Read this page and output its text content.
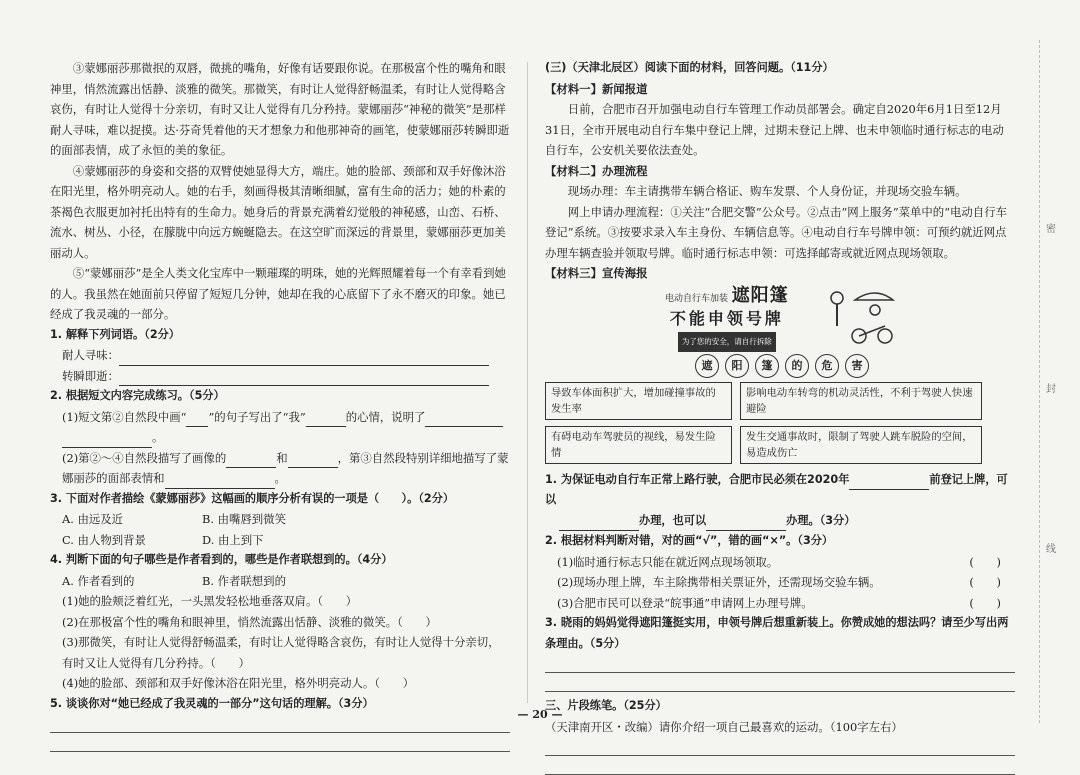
密
封
线

③蒙娜丽莎那微抿的双唇，微挑的嘴角，好像有话要跟你说。在那极富个性的嘴角和眼神里，悄然流露出恬静、淡雅的微笑。那微笑，有时让人觉得舒畅温柔，有时让人觉得略含哀伤，有时让人觉得十分亲切，有时又让人觉得有几分矜持。蒙娜丽莎“神秘的微笑”是那样耐人寻味，难以捉摸。达·芬奇凭着他的天才想象力和他那神奇的画笔，使蒙娜丽莎转瞬即逝的面部表情，成了永恒的美的象征。

④蒙娜丽莎的身姿和交搭的双臂使她显得大方，端庄。她的脸部、颈部和双手好像沐浴在阳光里，格外明亮动人。她的右手，刻画得极其清晰细腻，富有生命的活力；她的朴素的茶褐色衣服更加衬托出特有的生命力。她身后的背景充满着幻觉般的神秘感，山峦、石桥、流水、树丛、小径，在朦胧中向远方蜿蜒隐去。在这空旷而深远的背景里，蒙娜丽莎更加美丽动人。

⑤“蒙娜丽莎”是全人类文化宝库中一颗璀璨的明珠，她的光辉照耀着每一个有幸看到她的人。我虽然在她面前只停留了短短几分钟，她却在我的心底留下了永不磨灭的印象。她已经成了我灵魂的一部分。

1. 解释下列词语。（2分）

耐人寻味：

转瞬即逝：

2. 根据短文内容完成练习。（5分）

(1)短文第②自然段中画“ ”的句子写出了“我”	的心情，说明了
。

(2)第②～④自然段描写了画像的	和	，第③自然段特别详细地描写了蒙娜丽莎的面部表情和	。

3. 下面对作者描绘《蒙娜丽莎》这幅画的顺序分析有误的一项是（　　）。（2分）

A. 由远及近	B. 由嘴唇到微笑
C. 由人物到背景	D. 由上到下

4. 判断下面的句子哪些是作者看到的，哪些是作者联想到的。（4分）

A. 作者看到的	B. 作者联想到的

(1)她的脸颊泛着红光，一头黑发轻松地垂落双肩。（　　）

(2)在那极富个性的嘴角和眼神里，悄然流露出恬静、淡雅的微笑。（　　）

(3)那微笑，有时让人觉得舒畅温柔，有时让人觉得略含哀伤，有时让人觉得十分亲切，有时又让人觉得有几分矜持。（　　）

(4)她的脸部、颈部和双手好像沐浴在阳光里，格外明亮动人。（　　）

5. 谈谈你对“她已经成了我灵魂的一部分”这句话的理解。（3分）

(三)（天津北辰区）阅读下面的材料，回答问题。（11分）

【材料一】新闻报道

日前，合肥市召开加强电动自行车管理工作动员部署会。确定自2020年6月1日至12月31日，全市开展电动自行车集中登记上牌，过期未登记上牌、也未申领临时通行标志的电动自行车，公安机关要依法查处。

【材料二】办理流程

现场办理：车主请携带车辆合格证、购车发票、个人身份证，并现场交验车辆。

网上申请办理流程：①关注“合肥交警”公众号。②点击“网上服务”菜单中的“电动自行车登记”系统。③按要求录入车主身份、车辆信息等。④电动自行车号牌申领：可预约就近网点办理车辆查验并领取号牌。临时通行标志申领：可选择邮寄或就近网点现场领取。

【材料三】宣传海报

电动自行车加装 遮阳篷
不能申领号牌
为了您的安全，请自行拆除
遮	阳	篷	的	危	害
导致车体面积扩大，增加碰撞事故的发生率
影响电动车转弯的机动灵活性，不利于驾驶人快速避险
有碍电动车驾驶员的视线，易发生险情
发生交通事故时，限制了驾驶人跳车脱险的空间，易造成伤亡

1. 为保证电动自行车正常上路行驶，合肥市民必须在2020年	前登记上牌，可以
办理，也可以	办理。（3分）

2. 根据材料判断对错，对的画“√”，错的画“×”。（3分）

(1)临时通行标志只能在就近网点现场领取。	(　　)

(2)现场办理上牌，车主除携带相关票证外，还需现场交验车辆。	(　　)

(3)合肥市民可以登录“皖事通”申请网上办理号牌。	(　　)

3. 晓雨的妈妈觉得遮阳篷挺实用，申领号牌后想重新装上。你赞成她的想法吗？请至少写出两条理由。（5分）

三、片段练笔。（25分）

（天津南开区・改编）请你介绍一项自己最喜欢的运动。（100字左右）

— 20 —
